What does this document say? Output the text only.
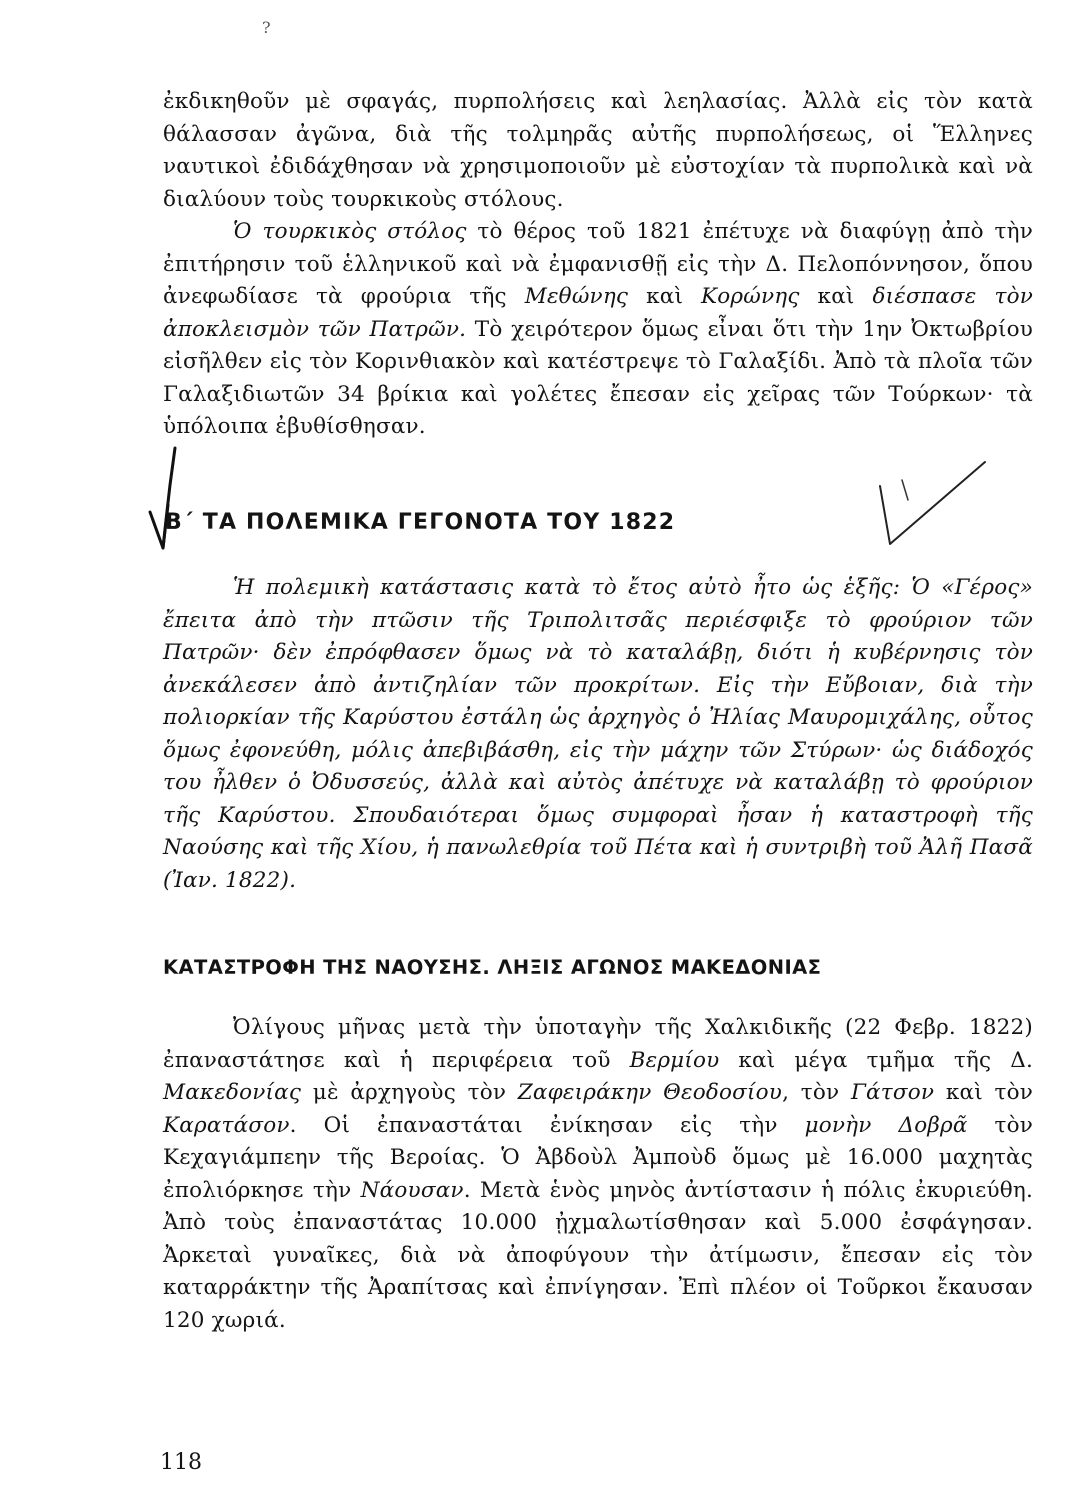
?

ἐκδικηθοῦν μὲ σφαγάς, πυρπολήσεις καὶ λεηλασίας. Ἀλλὰ εἰς τὸν κατὰ θάλασσαν ἀγῶνα, διὰ τῆς τολμηρᾶς αὐτῆς πυρπολήσεως, οἱ Ἕλληνες ναυτικοὶ ἐδιδάχθησαν νὰ χρησιμοποιοῦν μὲ εὐστοχίαν τὰ πυρπολικὰ καὶ νὰ διαλύουν τοὺς τουρκικοὺς στόλους.

Ὁ τουρκικὸς στόλος τὸ θέρος τοῦ 1821 ἐπέτυχε νὰ διαφύγῃ ἀπὸ τὴν ἐπιτήρησιν τοῦ ἑλληνικοῦ καὶ νὰ ἐμφανισθῇ εἰς τὴν Δ. Πελοπόννησον, ὅπου ἀνεφωδίασε τὰ φρούρια τῆς Μεθώνης καὶ Κορώνης καὶ διέσπασε τὸν ἀποκλεισμὸν τῶν Πατρῶν. Τὸ χειρότερον ὅμως εἶναι ὅτι τὴν 1ην Ὀκτωβρίου εἰσῆλθεν εἰς τὸν Κορινθιακὸν καὶ κατέστρεψε τὸ Γαλαξίδι. Ἀπὸ τὰ πλοῖα τῶν Γαλαξιδιωτῶν 34 βρίκια καὶ γολέτες ἔπεσαν εἰς χεῖρας τῶν Τούρκων· τὰ ὑπόλοιπα ἐβυθίσθησαν.

Β΄ ΤΑ ΠΟΛΕΜΙΚΑ ΓΕΓΟΝΟΤΑ ΤΟΥ 1822

Ἡ πολεμικὴ κατάστασις κατὰ τὸ ἔτος αὐτὸ ἦτο ὡς ἑξῆς: Ὁ «Γέρος» ἔπειτα ἀπὸ τὴν πτῶσιν τῆς Τριπολιτσᾶς περιέσφιξε τὸ φρούριον τῶν Πατρῶν· δὲν ἐπρόφθασεν ὅμως νὰ τὸ καταλάβῃ, διότι ἡ κυβέρνησις τὸν ἀνεκάλεσεν ἀπὸ ἀντιζηλίαν τῶν προκρίτων. Εἰς τὴν Εὔβοιαν, διὰ τὴν πολιορκίαν τῆς Καρύστου ἐστάλη ὡς ἀρχηγὸς ὁ Ἠλίας Μαυρομιχάλης, οὗτος ὅμως ἐφονεύθη, μόλις ἀπεβιβάσθη, εἰς τὴν μάχην τῶν Στύρων· ὡς διάδοχός του ἦλθεν ὁ Ὀδυσσεύς, ἀλλὰ καὶ αὐτὸς ἀπέτυχε νὰ καταλάβῃ τὸ φρούριον τῆς Καρύστου. Σπουδαιότεραι ὅμως συμφοραὶ ἦσαν ἡ καταστροφὴ τῆς Ναούσης καὶ τῆς Χίου, ἡ πανωλεθρία τοῦ Πέτα καὶ ἡ συντριβὴ τοῦ Ἀλῆ Πασᾶ (Ἰαν. 1822).

ΚΑΤΑΣΤΡΟΦΗ ΤΗΣ ΝΑΟΥΣΗΣ. ΛΗΞΙΣ ΑΓΩΝΟΣ ΜΑΚΕΔΟΝΙΑΣ

Ὀλίγους μῆνας μετὰ τὴν ὑποταγὴν τῆς Χαλκιδικῆς (22 Φεβρ. 1822) ἐπαναστάτησε καὶ ἡ περιφέρεια τοῦ Βερμίου καὶ μέγα τμῆμα τῆς Δ. Μακεδονίας μὲ ἀρχηγοὺς τὸν Ζαφειράκην Θεοδοσίου, τὸν Γάτσον καὶ τὸν Καρατάσον. Οἱ ἐπαναστάται ἐνίκησαν εἰς τὴν μονὴν Δοβρᾶ τὸν Κεχαγιάμπεην τῆς Βεροίας. Ὁ Ἀβδοὺλ Ἀμποὺδ ὅμως μὲ 16.000 μαχητὰς ἐπολιόρκησε τὴν Νάουσαν. Μετὰ ἑνὸς μηνὸς ἀντίστασιν ἡ πόλις ἐκυριεύθη. Ἀπὸ τοὺς ἐπαναστάτας 10.000 ᾐχμαλωτίσθησαν καὶ 5.000 ἐσφάγησαν. Ἀρκεταὶ γυναῖκες, διὰ νὰ ἀποφύγουν τὴν ἀτίμωσιν, ἔπεσαν εἰς τὸν καταρράκτην τῆς Ἀραπίτσας καὶ ἐπνίγησαν. Ἐπὶ πλέον οἱ Τοῦρκοι ἔκαυσαν 120 χωριά.

118
